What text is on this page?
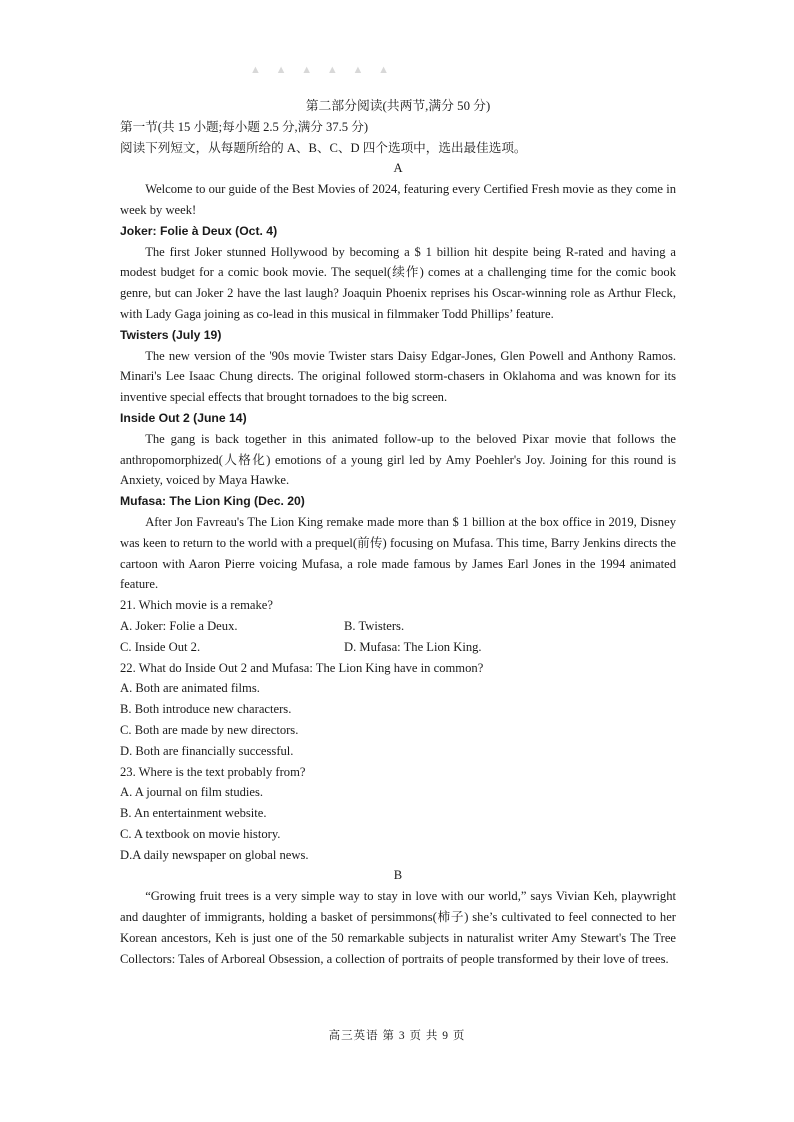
▲ ▲ ▲ ▲ ▲ ▲
第二部分阅读(共两节,满分 50 分)
第一节(共 15 小题;每小题 2.5 分,满分 37.5 分)
阅读下列短文，从每题所给的 A、B、C、D 四个选项中，选出最佳选项。
A

Welcome to our guide of the Best Movies of 2024, featuring every Certified Fresh movie as they come in week by week!

Joker: Folie à Deux (Oct. 4)

The first Joker stunned Hollywood by becoming a $ 1 billion hit despite being R-rated and having a modest budget for a comic book movie. The sequel(续作) comes at a challenging time for the comic book genre, but can Joker 2 have the last laugh? Joaquin Phoenix reprises his Oscar-winning role as Arthur Fleck, with Lady Gaga joining as co-lead in this musical in filmmaker Todd Phillips’ feature.

Twisters (July 19)

The new version of the '90s movie Twister stars Daisy Edgar-Jones, Glen Powell and Anthony Ramos. Minari's Lee Isaac Chung directs. The original followed storm-chasers in Oklahoma and was known for its inventive special effects that brought tornadoes to the big screen.

Inside Out 2 (June 14)

The gang is back together in this animated follow-up to the beloved Pixar movie that follows the anthropomorphized(人格化) emotions of a young girl led by Amy Poehler's Joy. Joining for this round is Anxiety, voiced by Maya Hawke.

Mufasa: The Lion King (Dec. 20)

After Jon Favreau's The Lion King remake made more than $ 1 billion at the box office in 2019, Disney was keen to return to the world with a prequel(前传) focusing on Mufasa. This time, Barry Jenkins directs the cartoon with Aaron Pierre voicing Mufasa, a role made famous by James Earl Jones in the 1994 animated feature.

21. Which movie is a remake?
A. Joker: Folie a Deux.	B. Twisters.
C. Inside Out 2.	D. Mufasa: The Lion King.
22. What do Inside Out 2 and Mufasa: The Lion King have in common?
A. Both are animated films.
B. Both introduce new characters.
C. Both are made by new directors.
D. Both are financially successful.
23. Where is the text probably from?
A. A journal on film studies.
B. An entertainment website.
C. A textbook on movie history.
D.A daily newspaper on global news.
B

“Growing fruit trees is a very simple way to stay in love with our world,” says Vivian Keh, playwright and daughter of immigrants, holding a basket of persimmons(柿子) she’s cultivated to feel connected to her Korean ancestors, Keh is just one of the 50 remarkable subjects in naturalist writer Amy Stewart's The Tree Collectors: Tales of Arboreal Obsession, a collection of portraits of people transformed by their love of trees.

高三英语 第 3 页 共 9 页
